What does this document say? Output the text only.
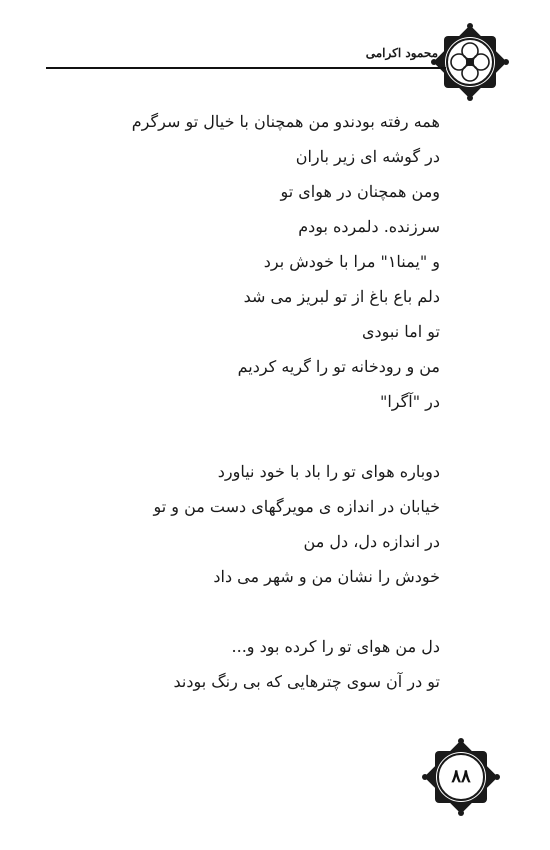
محمود اکرامی
همه رفته بودندو من همچنان با خیال تو سرگرم
در گوشه ای زیر باران
ومن همچنان در هوای تو
سرزنده. دلمرده بودم
و "یمنا۱" مرا با خودش برد
دلم باع باغ از تو لبریز می شد
تو اما نبودی
من و رودخانه تو را گریه کردیم
در "آگرا"
دوباره هوای تو را باد با خود نیاورد
خیابان در اندازه ی مویرگهای دست من و تو
در اندازه دل، دل من
خودش را نشان من و شهر می داد
دل من هوای تو را کرده بود و...
تو در آن سوی چترهایی که بی رنگ بودند
۸۸
